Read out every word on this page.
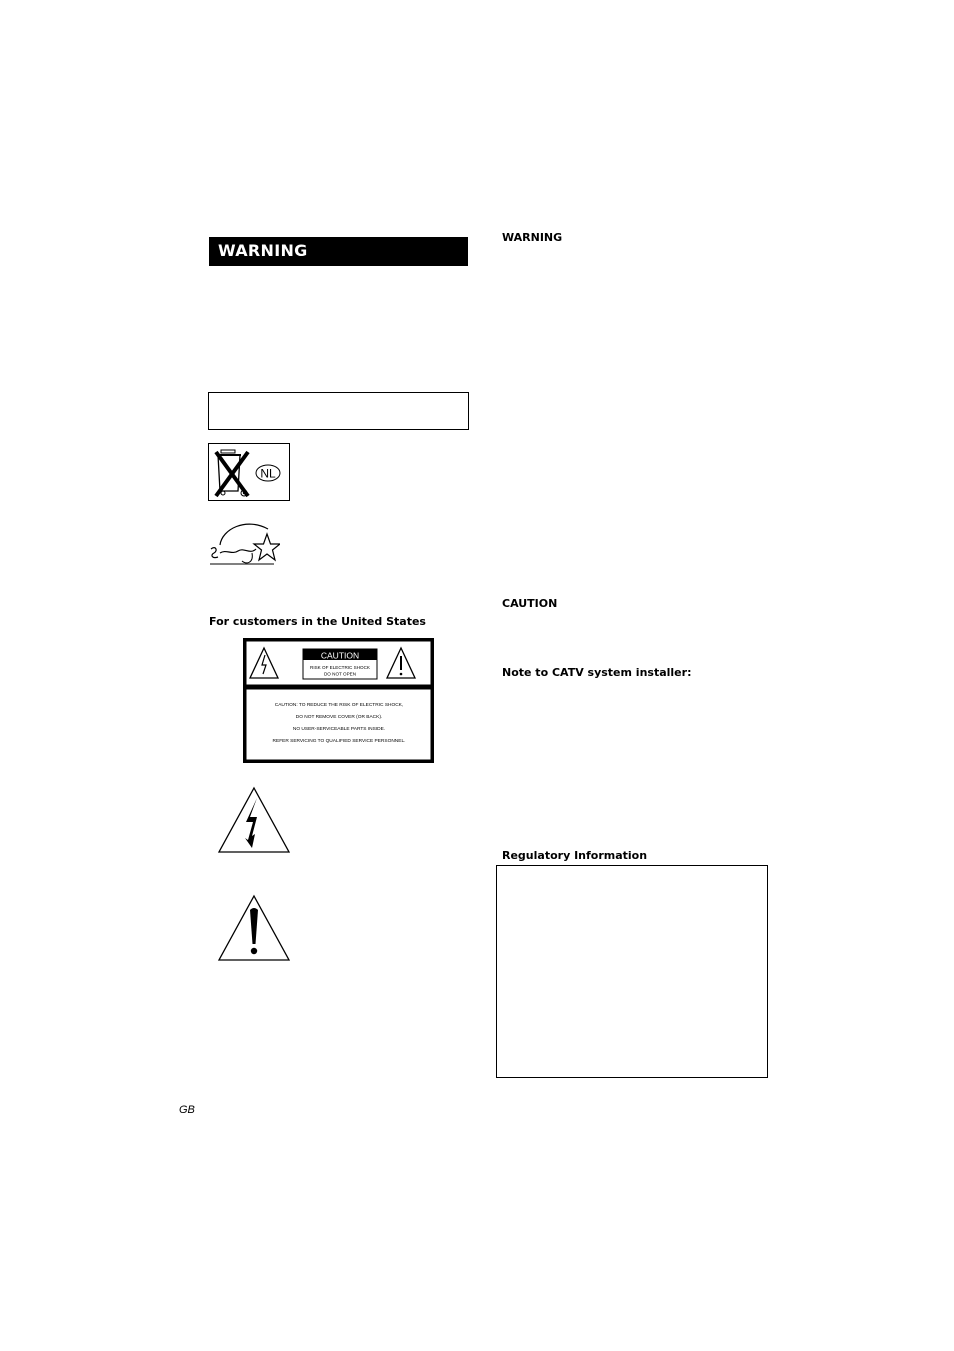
WARNING
NL
For customers in the United States
CAUTION
RISK OF ELECTRIC SHOCK
DO NOT OPEN
CAUTION: TO REDUCE THE RISK OF ELECTRIC SHOCK,
DO NOT REMOVE COVER (OR BACK).
NO USER-SERVICEABLE PARTS INSIDE.
REFER SERVICING TO QUALIFIED SERVICE PERSONNEL.
WARNING
CAUTION
Note to CATV system installer:
Regulatory Information
GB
